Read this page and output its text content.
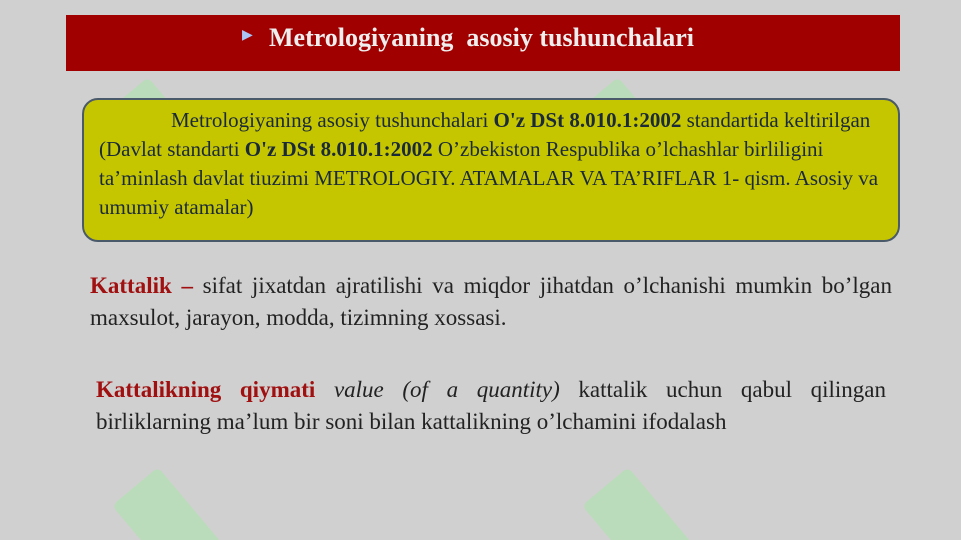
▶ Metrologiyaning  asosiy tushunchalari
Metrologiyaning asosiy tushunchalari O'z DSt 8.010.1:2002 standartida keltirilgan (Davlat standarti O'z DSt 8.010.1:2002 O’zbekiston Respublika o’lchashlar birliligini ta’minlash davlat tiuzimi METROLOGIY. ATAMALAR VA TA’RIFLAR 1- qism. Asosiy va umumiy atamalar)
Kattalik – sifat jixatdan ajratilishi va miqdor jihatdan o’lchanishi mumkin bo’lgan maxsulot, jarayon, modda, tizimning xossasi.
Kattalikning qiymati value (of a quantity) kattalik uchun qabul qilingan birliklarning ma’lum bir soni bilan kattalikning o’lchamini ifodalash
